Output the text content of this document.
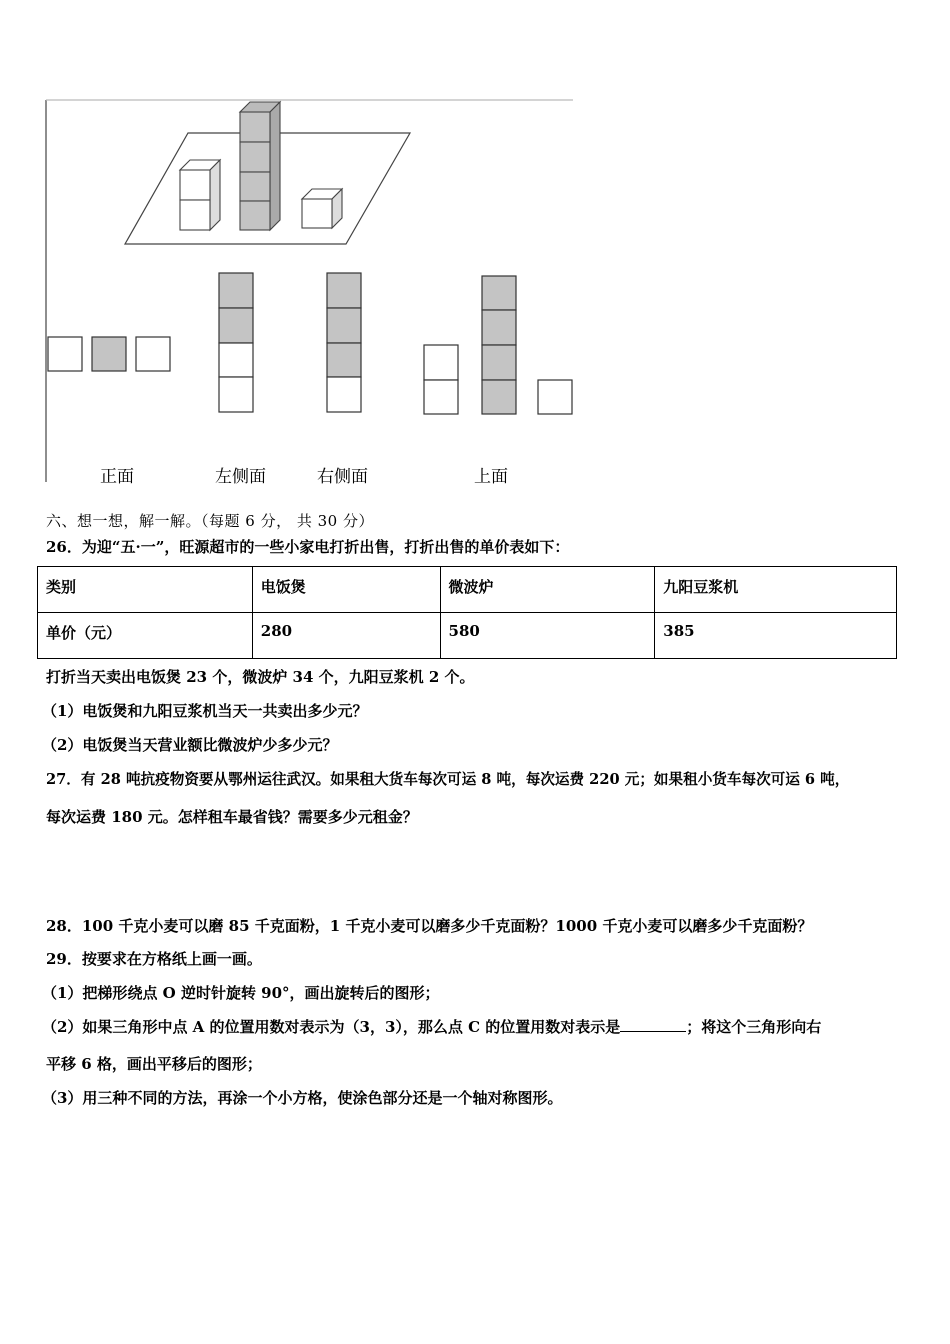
正面	左侧面	右侧面	上面
六、想一想，解一解。（每题 6 分， 共 30 分）
26．为迎“五·一”，旺源超市的一些小家电打折出售，打折出售的单价表如下：
类别	电饭煲	微波炉	九阳豆浆机
单价（元）	280	580	385
打折当天卖出电饭煲 23 个，微波炉 34 个，九阳豆浆机 2 个。
（1）电饭煲和九阳豆浆机当天一共卖出多少元？
（2）电饭煲当天营业额比微波炉少多少元？
27．有 28 吨抗疫物资要从鄂州运往武汉。如果租大货车每次可运 8 吨，每次运费 220 元；如果租小货车每次可运 6 吨，
每次运费 180 元。怎样租车最省钱？需要多少元租金？
28．100 千克小麦可以磨 85 千克面粉，1 千克小麦可以磨多少千克面粉？1000 千克小麦可以磨多少千克面粉？
29．按要求在方格纸上画一画。
（1）把梯形绕点 O 逆时针旋转 90°，画出旋转后的图形；
（2）如果三角形中点 A 的位置用数对表示为（3，3），那么点 C 的位置用数对表示是	；将这个三角形向右
平移 6 格，画出平移后的图形；
（3）用三种不同的方法，再涂一个小方格，使涂色部分还是一个轴对称图形。
